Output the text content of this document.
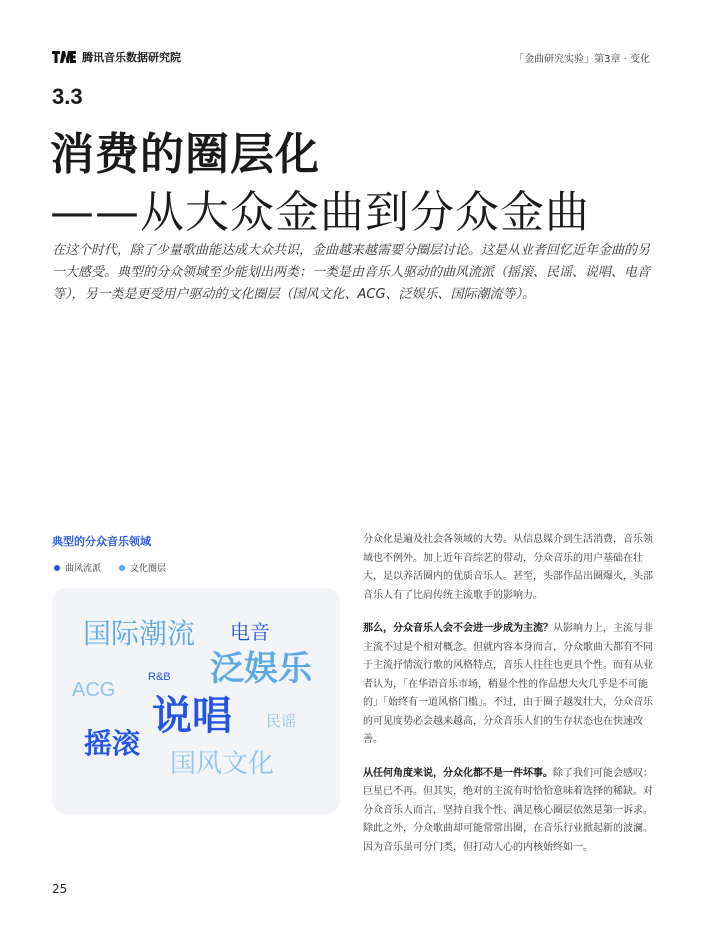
腾讯音乐数据研究院	「金曲研究实验」第3章 · 变化
3.3
消费的圈层化
——从大众金曲到分众金曲
在这个时代，除了少量歌曲能达成大众共识，金曲越来越需要分圈层讨论。这是从业者回忆近年金曲的另一大感受。典型的分众领域至少能划出两类：一类是由音乐人驱动的曲风流派（摇滚、民谣、说唱、电音等），另一类是更受用户驱动的文化圈层（国风文化、ACG、泛娱乐、国际潮流等）。
典型的分众音乐领域
曲风流派	文化圈层
国际潮流 电音
泛娱乐
R&B
ACG
说唱 民谣
摇滚
国风文化

分众化是遍及社会各领域的大势。从信息媒介到生活消费，音乐领域也不例外。加上近年音综艺的带动，分众音乐的用户基础在壮大，足以养活圈内的优质音乐人。甚至，头部作品出圈爆火，头部音乐人有了比肩传统主流歌手的影响力。

那么，分众音乐人会不会进一步成为主流？从影响力上，主流与非主流不过是个相对概念。但就内容本身而言，分众歌曲大都有不同于主流抒情流行歌的风格特点，音乐人往往也更具个性。而有从业者认为，「在华语音乐市场，稍显个性的作品想大火几乎是不可能的」「始终有一道风格门槛」。不过，由于圈子越发壮大，分众音乐的可见度势必会越来越高，分众音乐人们的生存状态也在快速改善。

从任何角度来说，分众化都不是一件坏事。除了我们可能会感叹：巨星已不再。但其实，绝对的主流有时恰恰意味着选择的稀缺。对分众音乐人而言，坚持自我个性、满足核心圈层依然是第一诉求。除此之外，分众歌曲却可能常常出圈，在音乐行业掀起新的波澜。因为音乐虽可分门类，但打动人心的内核始终如一。

25
